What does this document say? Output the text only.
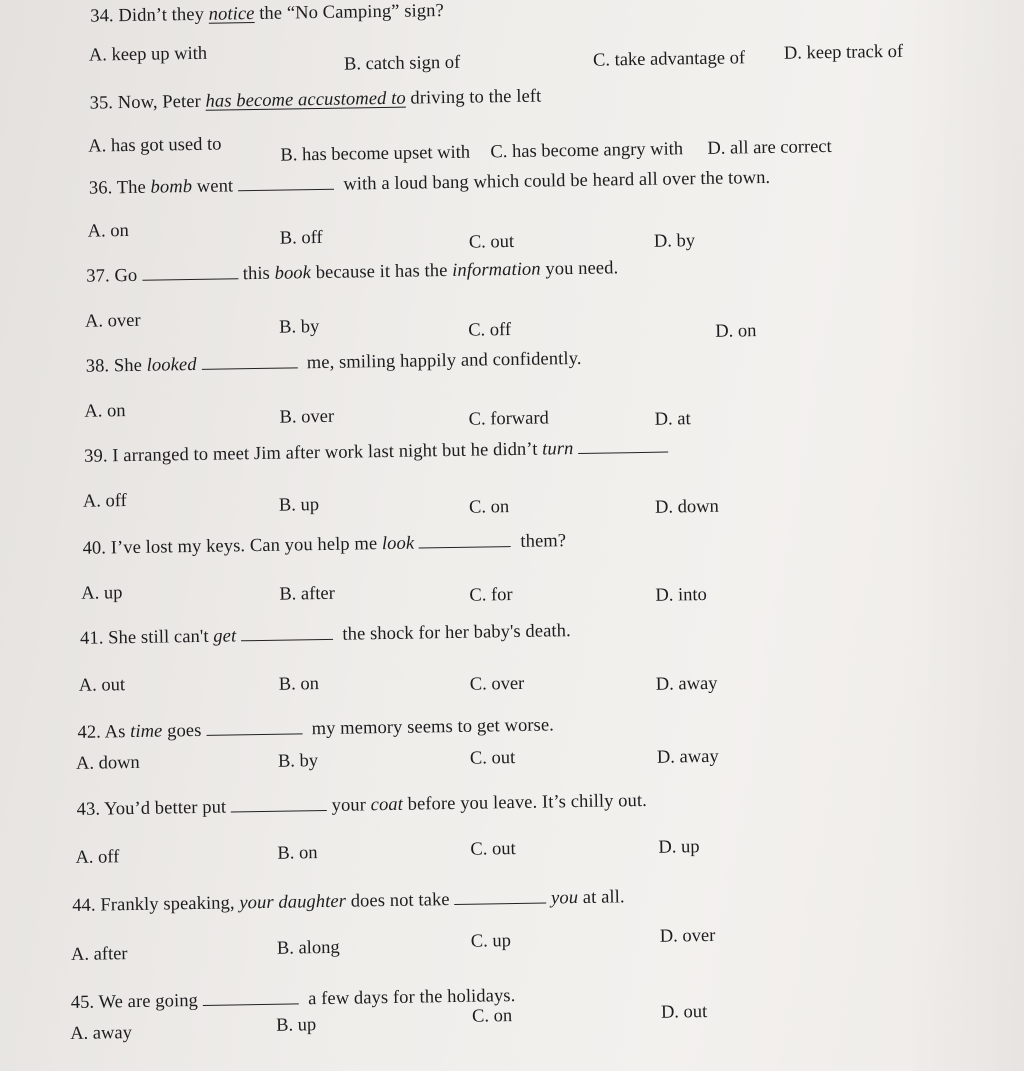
34. Didn’t they notice the “No Camping” sign?
A. keep up with	B. catch sign of	C. take advantage of D. keep track of
35. Now, Peter has become accustomed to driving to the left
A. has got used to	B. has become upset with C. has become angry with D. all are correct
36. The bomb went	with a loud bang which could be heard all over the town.
A. on	B. off	C. out	D. by
37. Go	this book because it has the information you need.
A. over	B. by	C. off	D. on
38. She looked	me, smiling happily and confidently.
A. on	B. over	C. forward	D. at
39. I arranged to meet Jim after work last night but he didn’t turn
A. off	B. up	C. on	D. down
40. I’ve lost my keys. Can you help me look	them?
A. up	B. after	C. for	D. into
41. She still can't get	the shock for her baby's death.
A. out	B. on	C. over	D. away
42. As time goes	my memory seems to get worse.
A. down	B. by	C. out	D. away
43. You’d better put	your coat before you leave. It’s chilly out.
A. off	B. on	C. out	D. up
44. Frankly speaking, your daughter does not take	you at all.
A. after	B. along	C. up	D. over
45. We are going	a few days for the holidays.
A. away	B. up	C. on	D. out
